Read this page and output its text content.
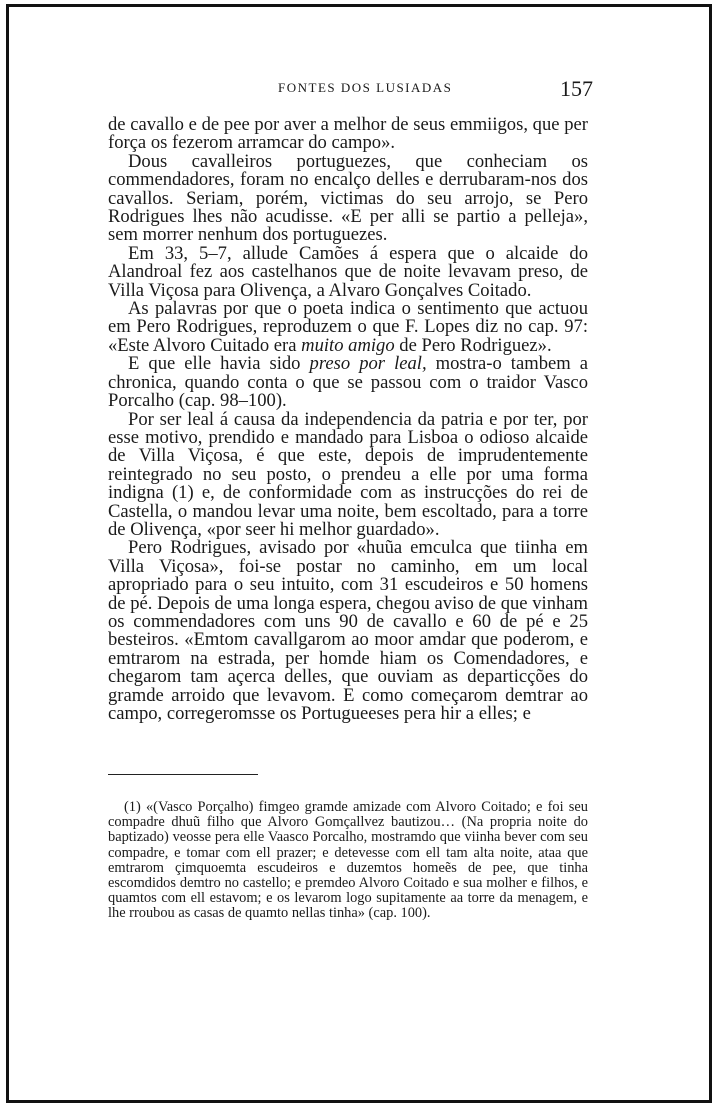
FONTES DOS LUSIADAS	157

de cavallo e de pee por aver a melhor de seus emmiigos, que per força os fezerom arramcar do campo».

Dous cavalleiros portuguezes, que conheciam os commendadores, foram no encalço delles e derrubaram-nos dos cavallos. Seriam, porém, victimas do seu arrojo, se Pero Rodrigues lhes não acudisse. «E per alli se partio a pelleja», sem morrer nenhum dos portuguezes.

Em 33, 5–7, allude Camões á espera que o alcaide do Alandroal fez aos castelhanos que de noite levavam preso, de Villa Viçosa para Olivença, a Alvaro Gonçalves Coitado.

As palavras por que o poeta indica o sentimento que actuou em Pero Rodrigues, reproduzem o que F. Lopes diz no cap. 97: «Este Alvoro Cuitado era muito amigo de Pero Rodriguez».

E que elle havia sido preso por leal, mostra-o tambem a chronica, quando conta o que se passou com o traidor Vasco Porcalho (cap. 98–100).

Por ser leal á causa da independencia da patria e por ter, por esse motivo, prendido e mandado para Lisboa o odioso alcaide de Villa Viçosa, é que este, depois de imprudentemente reintegrado no seu posto, o prendeu a elle por uma forma indigna (1) e, de conformidade com as instrucções do rei de Castella, o mandou levar uma noite, bem escoltado, para a torre de Olivença, «por seer hi melhor guardado».

Pero Rodrigues, avisado por «huũa emculca que tiinha em Villa Viçosa», foi-se postar no caminho, em um local apropriado para o seu intuito, com 31 escudeiros e 50 homens de pé. Depois de uma longa espera, chegou aviso de que vinham os commendadores com uns 90 de cavallo e 60 de pé e 25 besteiros. «Emtom cavallgarom ao moor amdar que poderom, e emtrarom na estrada, per homde hiam os Comendadores, e chegarom tam açerca delles, que ouviam as departicções do gramde arroido que levavom. E como começarom demtrar ao campo, corregeromsse os Portugueeses pera hir a elles; e

(1) «(Vasco Porçalho) fimgeo gramde amizade com Alvoro Coitado; e foi seu compadre dhuũ filho que Alvoro Gomçallvez bautizou… (Na propria noite do baptizado) veosse pera elle Vaasco Porcalho, mostramdo que viinha bever com seu compadre, e tomar com ell prazer; e detevesse com ell tam alta noite, ataa que emtrarom çimquoemta escudeiros e duzemtos homeẽs de pee, que tinha escomdidos demtro no castello; e premdeo Alvoro Coitado e sua molher e filhos, e quamtos com ell estavom; e os levarom logo supitamente aa torre da menagem, e lhe rroubou as casas de quamto nellas tinha» (cap. 100).
